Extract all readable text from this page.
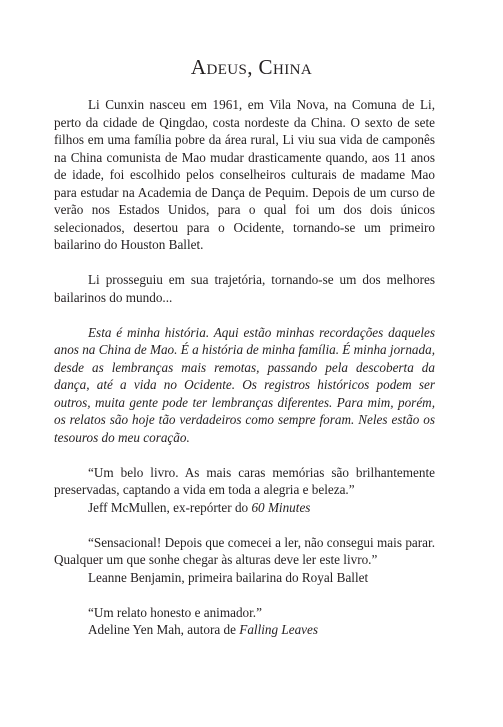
Adeus, China

Li Cunxin nasceu em 1961, em Vila Nova, na Comuna de Li, perto da cidade de Qingdao, costa nordeste da China. O sexto de sete filhos em uma família pobre da área rural, Li viu sua vida de camponês na China comunista de Mao mudar drasticamente quando, aos 11 anos de idade, foi escolhido pelos conselheiros culturais de madame Mao para estudar na Academia de Dança de Pequim. Depois de um curso de verão nos Estados Unidos, para o qual foi um dos dois únicos selecionados, desertou para o Ocidente, tornando-se um primeiro bailarino do Houston Ballet.

Li prosseguiu em sua trajetória, tornando-se um dos melhores bailarinos do mundo...

Esta é minha história. Aqui estão minhas recordações daqueles anos na China de Mao. É a história de minha família. É minha jornada, desde as lembranças mais remotas, passando pela descoberta da dança, até a vida no Ocidente. Os registros históricos podem ser outros, muita gente pode ter lembranças diferentes. Para mim, porém, os relatos são hoje tão verdadeiros como sempre foram. Neles estão os tesouros do meu coração.

“Um belo livro. As mais caras memórias são brilhantemente preservadas, captando a vida em toda a alegria e beleza.”

Jeff McMullen, ex-repórter do 60 Minutes

“Sensacional! Depois que comecei a ler, não consegui mais parar. Qualquer um que sonhe chegar às alturas deve ler este livro.”

Leanne Benjamin, primeira bailarina do Royal Ballet

“Um relato honesto e animador.”

Adeline Yen Mah, autora de Falling Leaves
